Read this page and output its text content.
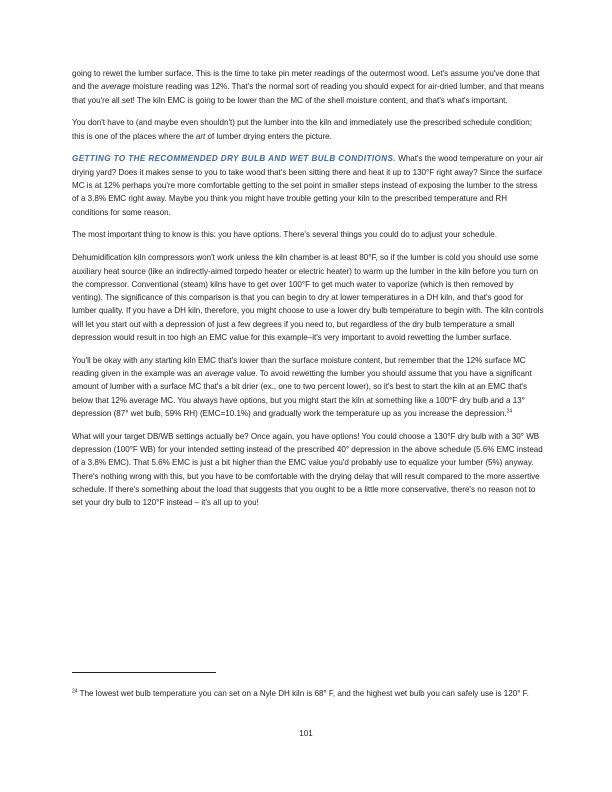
going to rewet the lumber surface. This is the time to take pin meter readings of the outermost wood. Let's assume you've done that and the average moisture reading was 12%. That's the normal sort of reading you should expect for air-dried lumber, and that means that you're all set! The kiln EMC is going to be lower than the MC of the shell moisture content, and that's what's important.

You don't have to (and maybe even shouldn't) put the lumber into the kiln and immediately use the prescribed schedule condition; this is one of the places where the art of lumber drying enters the picture.

GETTING TO THE RECOMMENDED DRY BULB AND WET BULB CONDITIONS. What's the wood temperature on your air drying yard? Does it makes sense to you to take wood that's been sitting there and heat it up to 130°F right away? Since the surface MC is at 12% perhaps you're more comfortable getting to the set point in smaller steps instead of exposing the lumber to the stress of a 3.8% EMC right away. Maybe you think you might have trouble getting your kiln to the prescribed temperature and RH conditions for some reason.

The most important thing to know is this: you have options. There's several things you could do to adjust your schedule.

Dehumidification kiln compressors won't work unless the kiln chamber is at least 80°F, so if the lumber is cold you should use some auxiliary heat source (like an indirectly-aimed torpedo heater or electric heater) to warm up the lumber in the kiln before you turn on the compressor. Conventional (steam) kilns have to get over 100°F to get much water to vaporize (which is then removed by venting). The significance of this comparison is that you can begin to dry at lower temperatures in a DH kiln, and that's good for lumber quality. If you have a DH kiln, therefore, you might choose to use a lower dry bulb temperature to begin with. The kiln controls will let you start out with a depression of just a few degrees if you need to, but regardless of the dry bulb temperature a small depression would result in too high an EMC value for this example–it's very important to avoid rewetting the lumber surface.

You'll be okay with any starting kiln EMC that's lower than the surface moisture content, but remember that the 12% surface MC reading given in the example was an average value. To avoid rewetting the lumber you should assume that you have a significant amount of lumber with a surface MC that's a bit drier (ex., one to two percent lower), so it's best to start the kiln at an EMC that's below that 12% average MC. You always have options, but you might start the kiln at something like a 100°F dry bulb and a 13° depression (87° wet bulb, 59% RH) (EMC=10.1%) and gradually work the temperature up as you increase the depression.$^{24}$

What will your target DB/WB settings actually be? Once again, you have options! You could choose a 130°F dry bulb with a 30° WB depression (100°F WB) for your intended setting instead of the prescribed 40° depression in the above schedule (5.6% EMC instead of a 3.8% EMC). That 5.6% EMC is just a bit higher than the EMC value you'd probably use to equalize your lumber (5%) anyway. There's nothing wrong with this, but you have to be comfortable with the drying delay that will result compared to the more assertive schedule. If there's something about the load that suggests that you ought to be a little more conservative, there's no reason not to set your dry bulb to 120°F instead – it's all up to you!

$^{24}$ The lowest wet bulb temperature you can set on a Nyle DH kiln is 68° F, and the highest wet bulb you can safely use is 120° F.

101
